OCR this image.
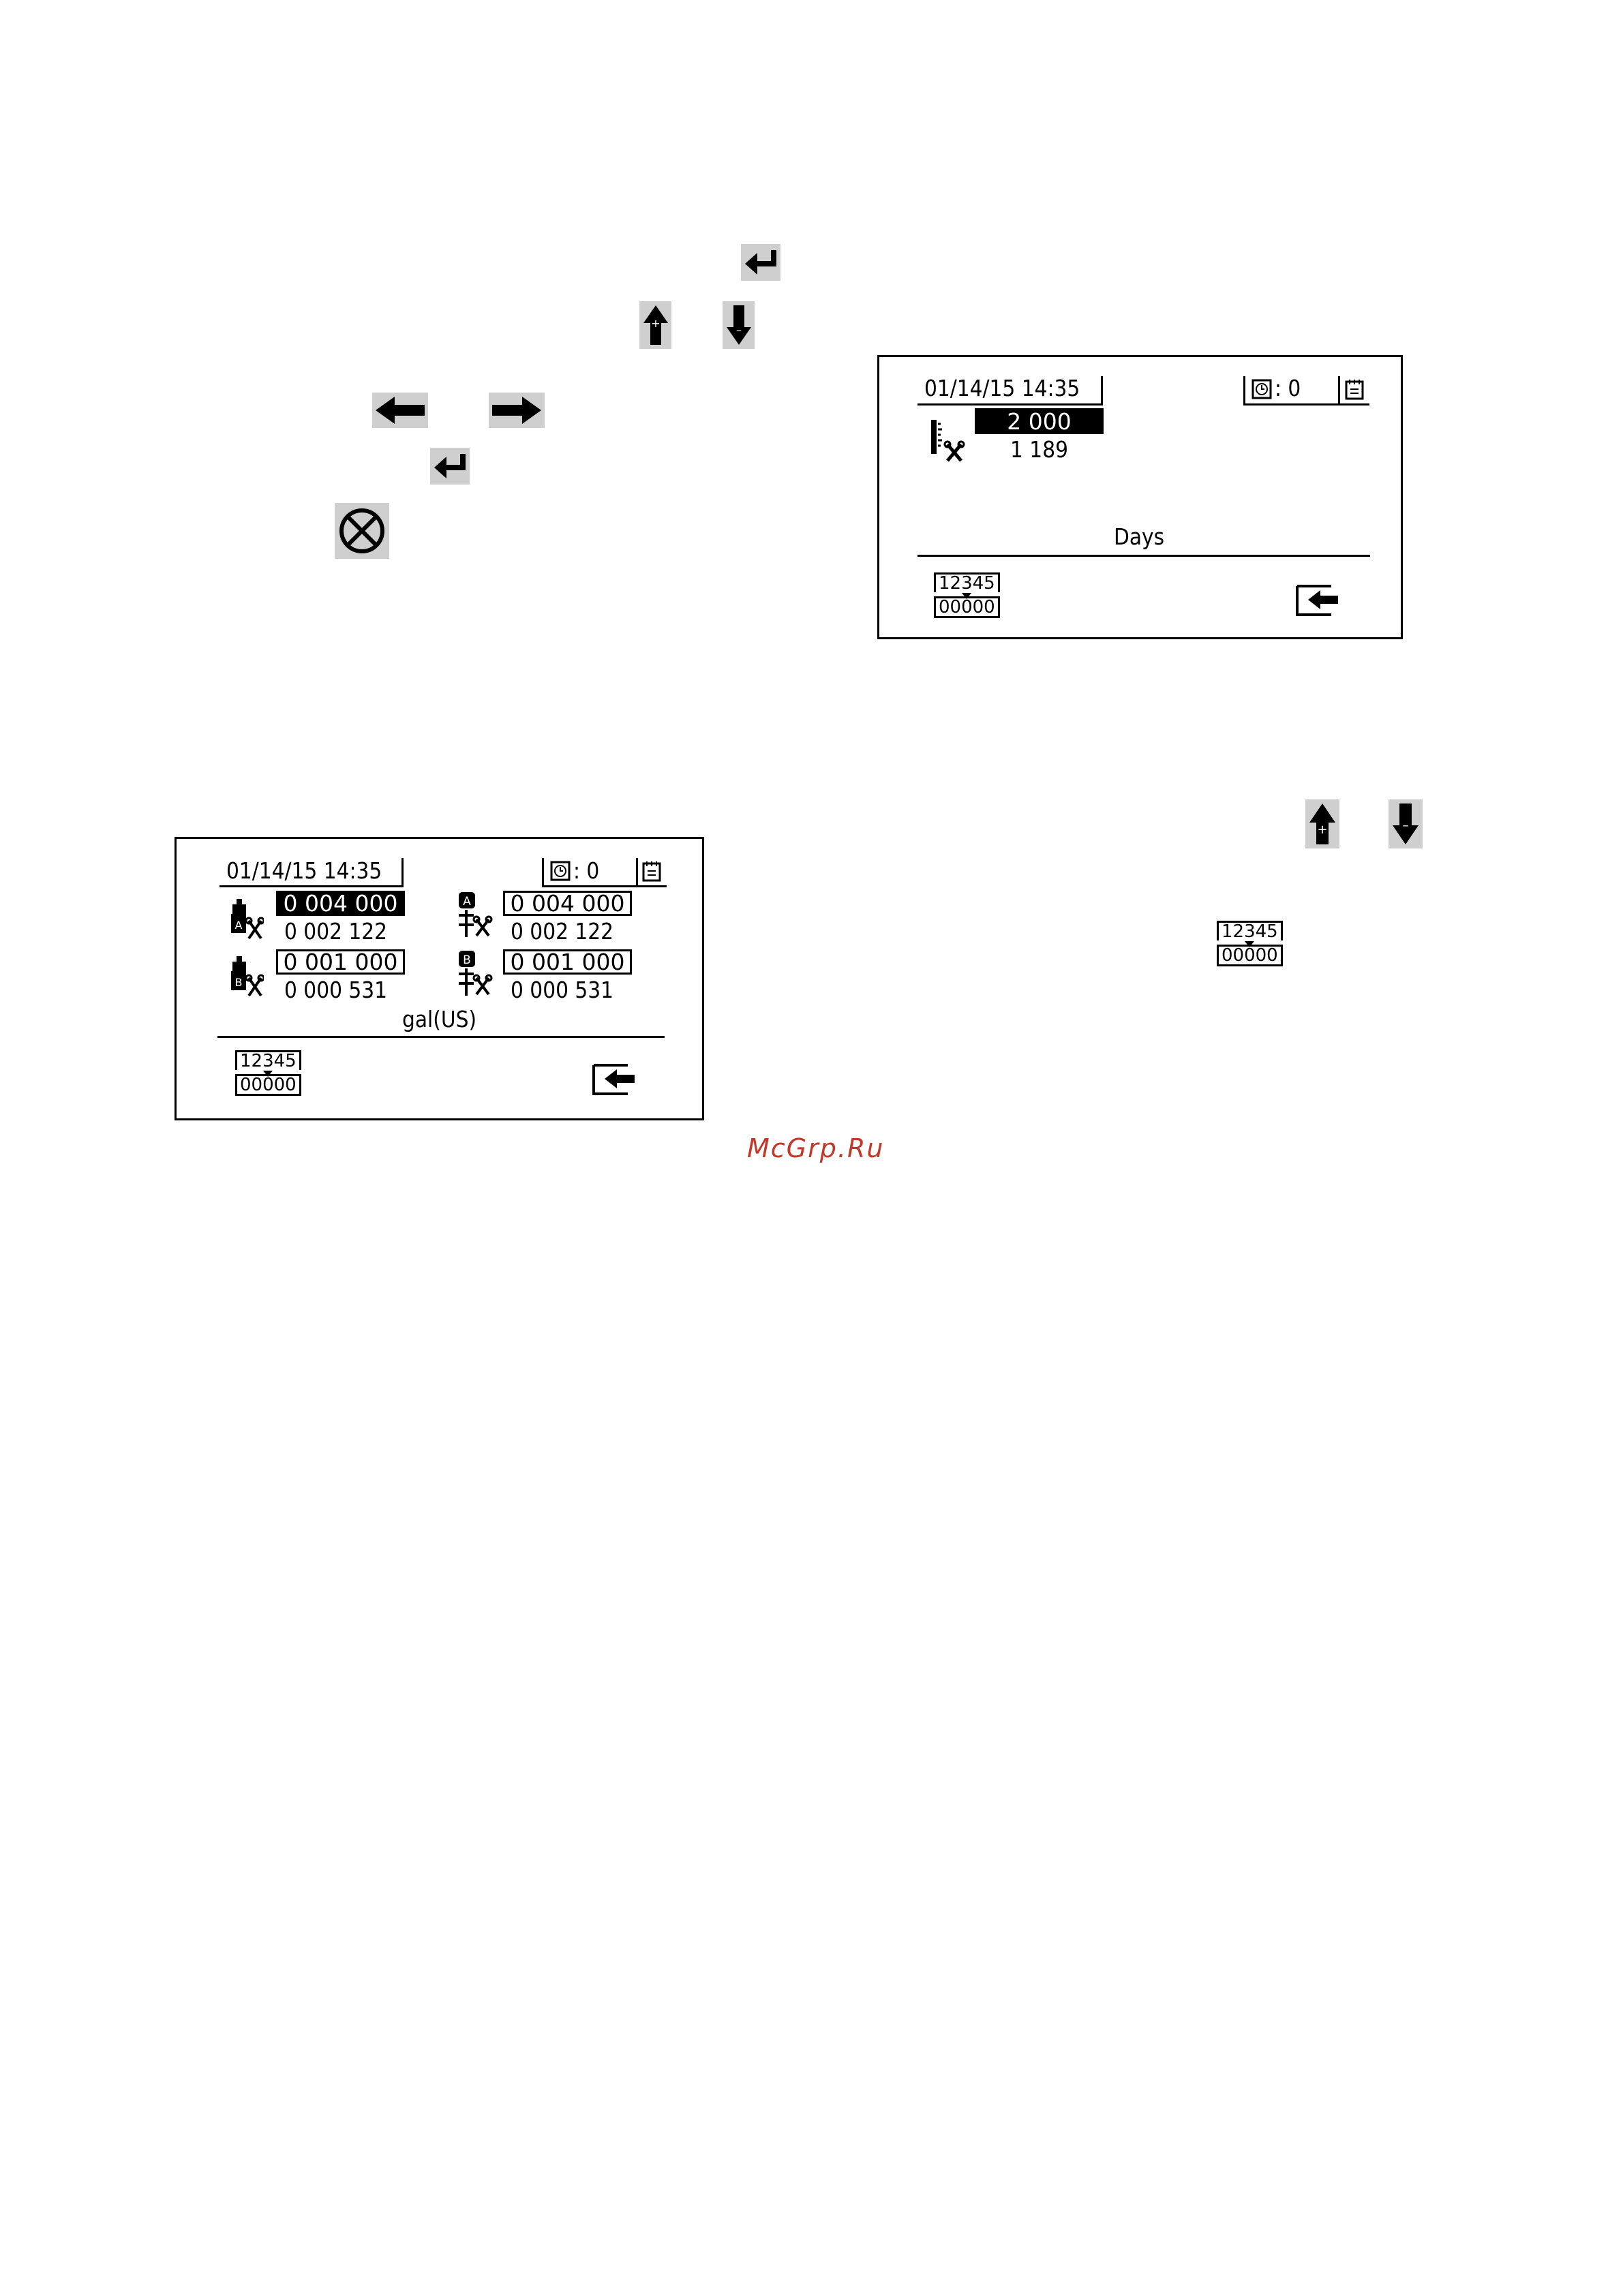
+
–
01/14/15 14:35	: 0
2 000
1 189
Days
12345
00000
+	–
12345
00000
01/14/15 14:35	: 0
A
0 004 000
0 002 122
A	0 004 000
0 002 122
B
0 001 000
0 000 531
B	0 001 000
0 000 531
gal(US)
12345
00000
McGrp.Ru
